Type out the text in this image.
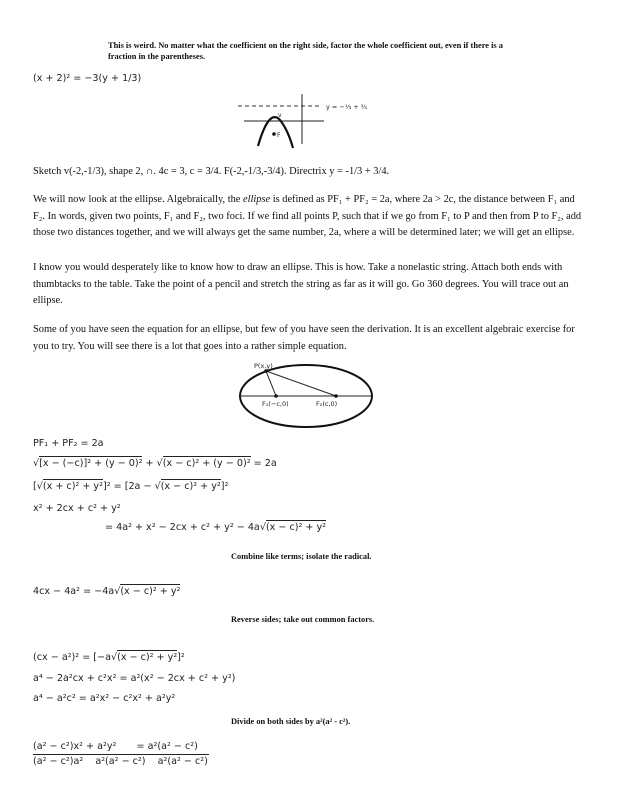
This is weird. No matter what the coefficient on the right side, factor the whole coefficient out, even if there is a fraction in the parentheses.

(x + 2)² = −3(y + 1/3)
F
v
y = −⅓ + ¾

Sketch v(-2,-1/3), shape 2, ∩. 4c = 3, c = 3/4. F(-2,-1/3,-3/4). Directrix y = -1/3 + 3/4.

We will now look at the ellipse. Algebraically, the ellipse is defined as PF₁ + PF₂ = 2a, where 2a > 2c, the distance between F₁ and F₂. In words, given two points, F₁ and F₂, two foci. If we find all points P, such that if we go from F₁ to P and then from P to F₂, add those two distances together, and we will always get the same number, 2a, where a will be determined later; we will get an ellipse.

I know you would desperately like to know how to draw an ellipse. This is how. Take a nonelastic string. Attach both ends with thumbtacks to the table. Take the point of a pencil and stretch the string as far as it will go. Go 360 degrees. You will trace out an ellipse.

Some of you have seen the equation for an ellipse, but few of you have seen the derivation. It is an excellent algebraic exercise for you to try. You will see there is a lot that goes into a rather simple equation.

P(x,y)
F₁(−c,0)	F₂(c,0)
PF₁ + PF₂ = 2a
√[x − (−c)]² + (y − 0)² + √(x − c)² + (y − 0)² = 2a
[√(x + c)² + y²]² = [2a − √(x − c)² + y²]²
x² + 2cx + c² + y²
= 4a² + x² − 2cx + c² + y² − 4a√(x − c)² + y²

Combine like terms; isolate the radical.

4cx − 4a² = −4a√(x − c)² + y²

Reverse sides; take out common factors.

(cx − a²)² = [−a√(x − c)² + y²]²
a⁴ − 2a²cx + c²x² = a²(x² − 2cx + c² + y²)
a⁴ − a²c² = a²x² − c²x² + a²y²

Divide on both sides by a²(a² - c²).

(a² − c²)x² + a²y² = a²(a² − c²)
(a² − c²)a² a²(a² − c²) a²(a² − c²)
